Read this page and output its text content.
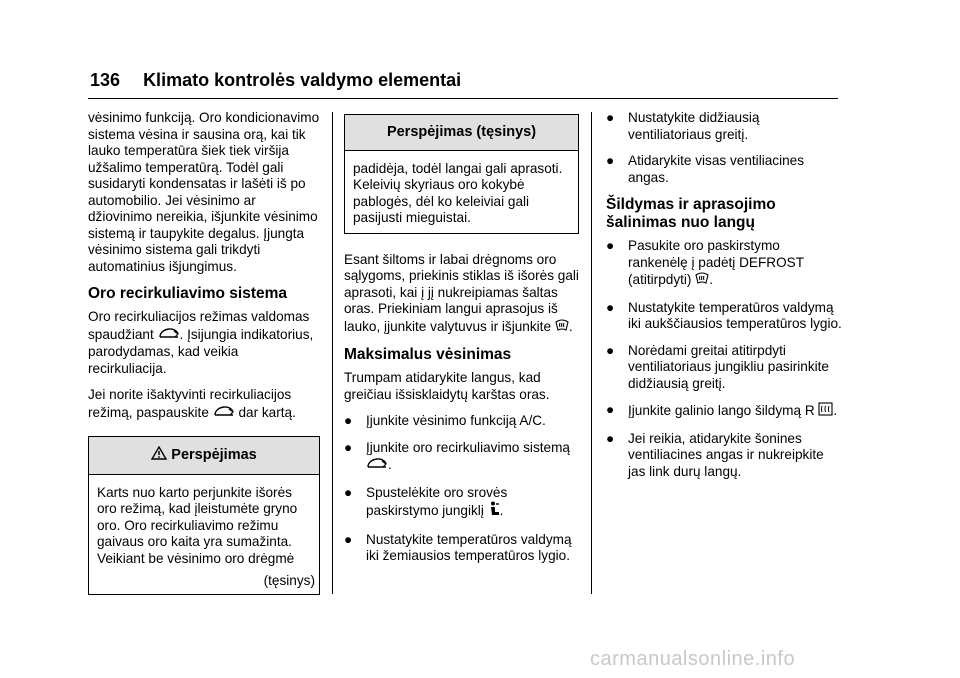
136 Klimato kontrolės valdymo elementai

vėsinimo funkciją. Oro kondicionavimo sistema vėsina ir sausina orą, kai tik lauko temperatūra šiek tiek viršija užšalimo temperatūrą. Todėl gali susidaryti kondensatas ir lašėti iš po automobilio. Jei vėsinimo ar džiovinimo nereikia, išjunkite vėsinimo sistemą ir taupykite degalus. Įjungta vėsinimo sistema gali trikdyti automatinius išjungimus.

Oro recirkuliavimo sistema

Oro recirkuliacijos režimas valdomas spaudžiant . Įsijungia indikatorius, parodydamas, kad veikia recirkuliacija.

Jei norite išaktyvinti recirkuliacijos režimą, paspauskite dar kartą.

Perspėjimas
Karts nuo karto perjunkite išorės oro režimą, kad įleistumėte gryno oro. Oro recirkuliavimo režimu gaivaus oro kaita yra sumažinta. Veikiant be vėsinimo oro drėgmė
(tęsinys)
Perspėjimas (tęsinys)
padidėja, todėl langai gali aprasoti. Keleivių skyriaus oro kokybė pablogės, dėl ko keleiviai gali pasijusti mieguistai.

Esant šiltoms ir labai drėgnoms oro sąlygoms, priekinis stiklas iš išorės gali aprasoti, kai į jį nukreipiamas šaltas oras. Priekiniam langui aprasojus iš lauko, įjunkite valytuvus ir išjunkite .

Maksimalus vėsinimas

Trumpam atidarykite langus, kad greičiau išsisklaidytų karštas oras.

●	Įjunkite vėsinimo funkciją A/C.
●	Įjunkite oro recirkuliavimo sistemą .
●	Spustelėkite oro srovės paskirstymo jungiklį .
●	Nustatykite temperatūros valdymą iki žemiausios temperatūros lygio.
●	Nustatykite didžiausią ventiliatoriaus greitį.
●	Atidarykite visas ventiliacines angas.
Šildymas ir aprasojimo šalinimas nuo langų
●	Pasukite oro paskirstymo rankenėlę į padėtį DEFROST (atitirpdyti) .
●	Nustatykite temperatūros valdymą iki aukščiausios temperatūros lygio.
●	Norėdami greitai atitirpdyti ventiliatoriaus jungikliu pasirinkite didžiausią greitį.
●	Įjunkite galinio lango šildymą R .
●	Jei reikia, atidarykite šonines ventiliacines angas ir nukreipkite jas link durų langų.
carmanualsonline.info
